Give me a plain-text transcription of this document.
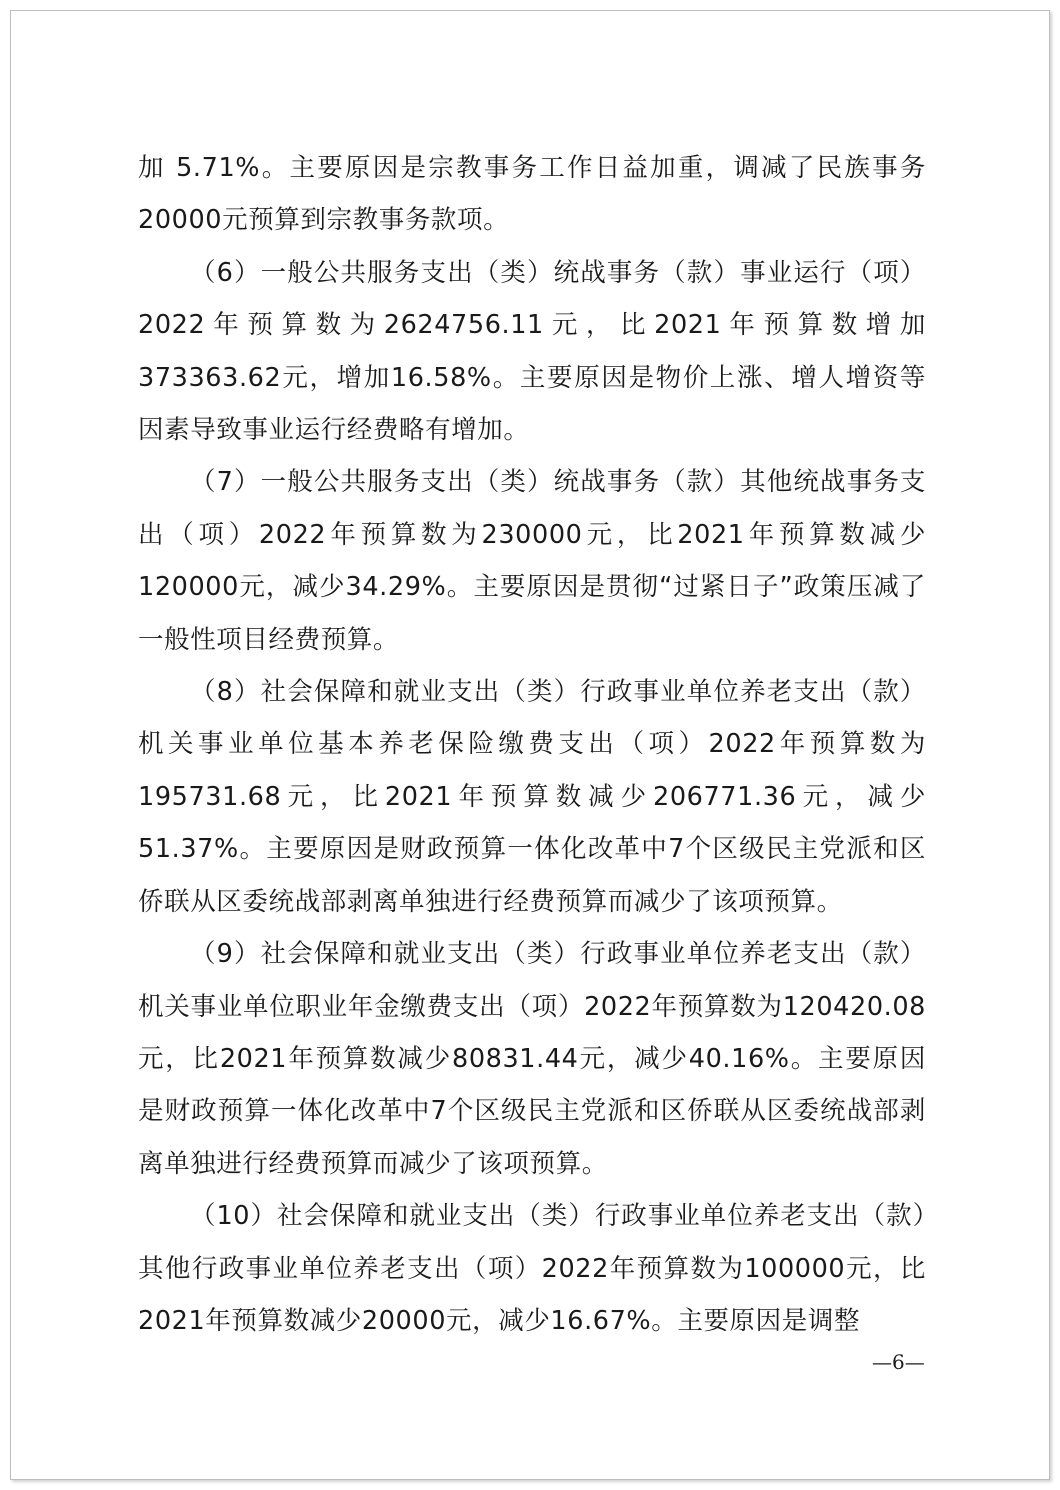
加 5.71%。主要原因是宗教事务工作日益加重，调减了民族事务20000元预算到宗教事务款项。

（6）一般公共服务支出（类）统战事务（款）事业运行（项）2022年预算数为2624756.11元，比2021年预算数增加373363.62元，增加16.58%。主要原因是物价上涨、增人增资等因素导致事业运行经费略有增加。

（7）一般公共服务支出（类）统战事务（款）其他统战事务支出（项）2022年预算数为230000元，比2021年预算数减少120000元，减少34.29%。主要原因是贯彻“过紧日子”政策压减了一般性项目经费预算。

（8）社会保障和就业支出（类）行政事业单位养老支出（款）机关事业单位基本养老保险缴费支出（项）2022年预算数为195731.68元，比2021年预算数减少206771.36元，减少51.37%。主要原因是财政预算一体化改革中7个区级民主党派和区侨联从区委统战部剥离单独进行经费预算而减少了该项预算。

（9）社会保障和就业支出（类）行政事业单位养老支出（款）机关事业单位职业年金缴费支出（项）2022年预算数为120420.08元，比2021年预算数减少80831.44元，减少40.16%。主要原因是财政预算一体化改革中7个区级民主党派和区侨联从区委统战部剥离单独进行经费预算而减少了该项预算。

（10）社会保障和就业支出（类）行政事业单位养老支出（款）其他行政事业单位养老支出（项）2022年预算数为100000元，比2021年预算数减少20000元，减少16.67%。主要原因是调整

—6—
